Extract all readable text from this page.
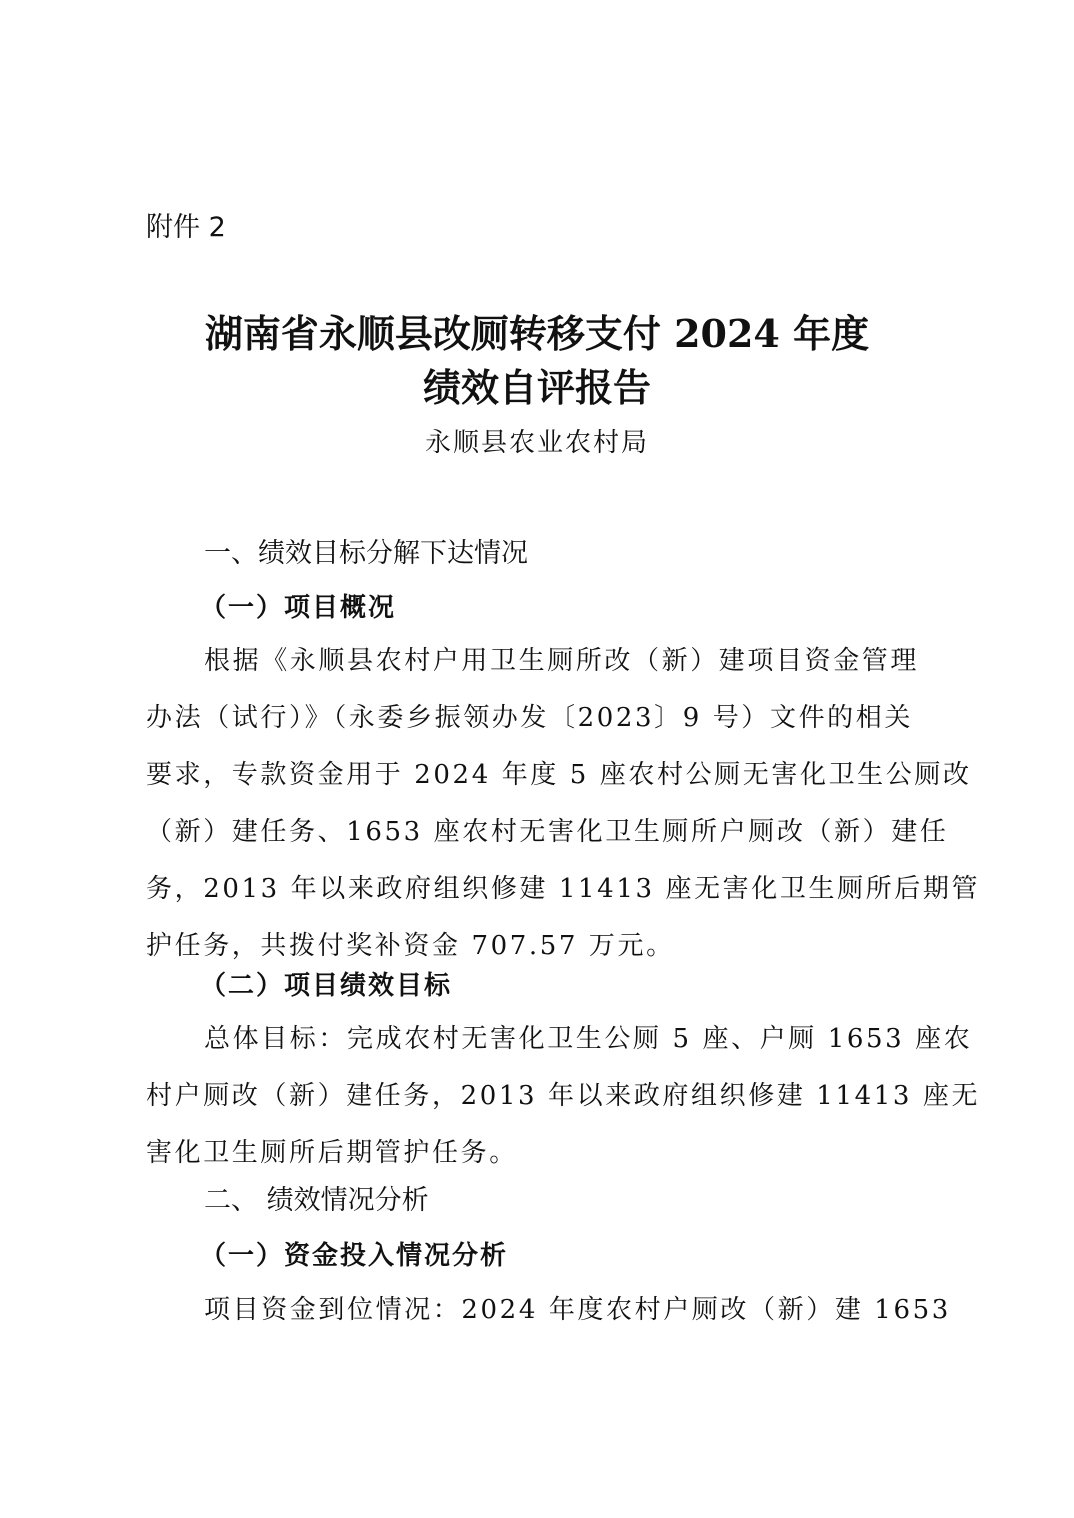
附件 2
湖南省永顺县改厕转移支付 2024 年度
绩效自评报告
永顺县农业农村局
一、绩效目标分解下达情况
（一）项目概况
根据《永顺县农村户用卫生厕所改（新）建项目资金管理
办法（试行）》（永委乡振领办发〔2023〕9 号）文件的相关
要求，专款资金用于 2024 年度 5 座农村公厕无害化卫生公厕改
（新）建任务、1653 座农村无害化卫生厕所户厕改（新）建任
务，2013 年以来政府组织修建 11413 座无害化卫生厕所后期管
护任务，共拨付奖补资金 707.57 万元。
（二）项目绩效目标
总体目标：完成农村无害化卫生公厕 5 座、户厕 1653 座农
村户厕改（新）建任务，2013 年以来政府组织修建 11413 座无
害化卫生厕所后期管护任务。
二、 绩效情况分析
（一）资金投入情况分析
项目资金到位情况：2024 年度农村户厕改（新）建 1653
